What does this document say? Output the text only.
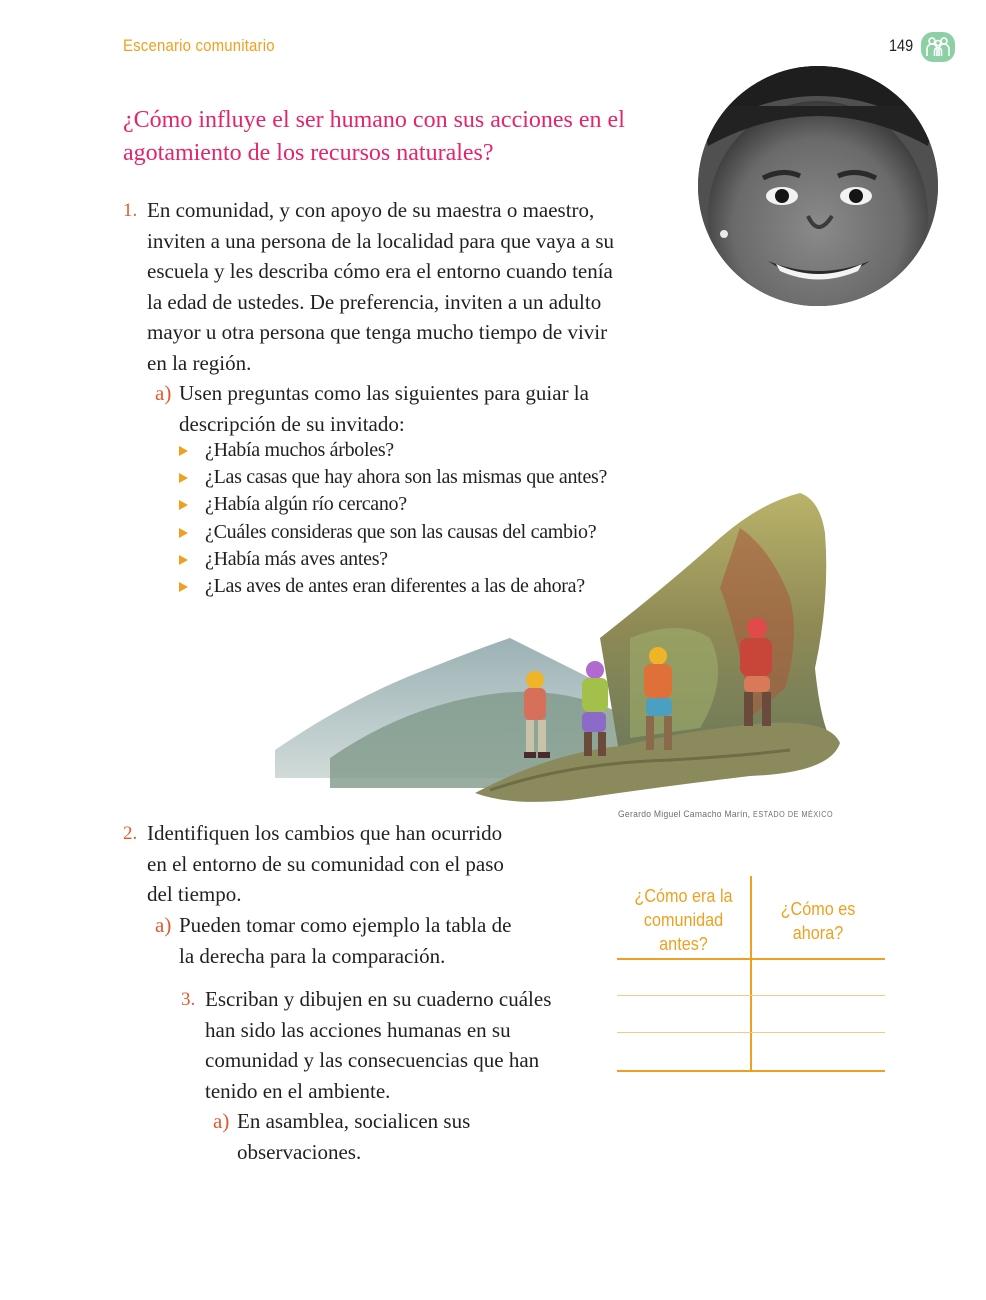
Escenario comunitario	149
¿Cómo influye el ser humano con sus acciones en el agotamiento de los recursos naturales?
1. En comunidad, y con apoyo de su maestra o maestro,
inviten a una persona de la localidad para que vaya a su
escuela y les describa cómo era el entorno cuando tenía
la edad de ustedes. De preferencia, inviten a un adulto
mayor u otra persona que tenga mucho tiempo de vivir
en la región.
a) Usen preguntas como las siguientes para guiar la
descripción de su invitado:
¿Había muchos árboles?
¿Las casas que hay ahora son las mismas que antes?
¿Había algún río cercano?
¿Cuáles consideras que son las causas del cambio?
¿Había más aves antes?
¿Las aves de antes eran diferentes a las de ahora?
Gerardo Miguel Camacho Marín, ESTADO DE MÉXICO
2. Identifiquen los cambios que han ocurrido
en el entorno de su comunidad con el paso
del tiempo.
a) Pueden tomar como ejemplo la tabla de
la derecha para la comparación.
3. Escriban y dibujen en su cuaderno cuáles
han sido las acciones humanas en su
comunidad y las consecuencias que han
tenido en el ambiente.
a) En asamblea, socialicen sus
observaciones.
¿Cómo era la
comunidad
antes?
¿Cómo es
ahora?
